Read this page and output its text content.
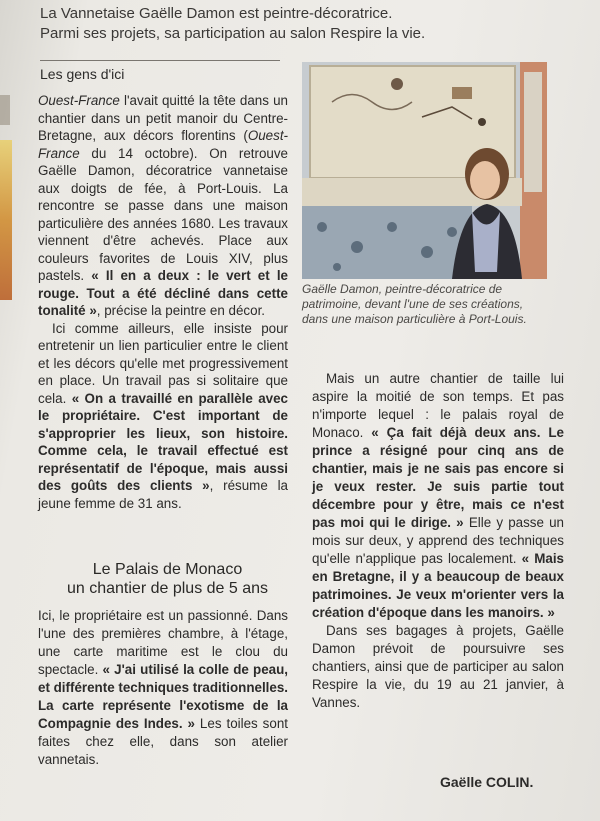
La Vannetaise Gaëlle Damon est peintre-décoratrice.
Parmi ses projets, sa participation au salon Respire la vie.
Les gens d'ici

Ouest-France l'avait quitté la tête dans un chantier dans un petit manoir du Centre-Bretagne, aux décors florentins (Ouest-France du 14 octobre). On retrouve Gaëlle Damon, décoratrice vannetaise aux doigts de fée, à Port-Louis. La rencontre se passe dans une maison particulière des années 1680. Les travaux viennent d'être achevés. Place aux couleurs favorites de Louis XIV, plus pastels. « Il en a deux : le vert et le rouge. Tout a été décliné dans cette tonalité », précise la peintre en décor.

Ici comme ailleurs, elle insiste pour entretenir un lien particulier entre le client et les décors qu'elle met progressivement en place. Un travail pas si solitaire que cela. « On a travaillé en parallèle avec le propriétaire. C'est important de s'approprier les lieux, son histoire. Comme cela, le travail effectué est représentatif de l'époque, mais aussi des goûts des clients », résume la jeune femme de 31 ans.

Gaëlle Damon, peintre-décoratrice de patrimoine, devant l'une de ses créations, dans une maison particulière à Port-Louis.

Mais un autre chantier de taille lui aspire la moitié de son temps. Et pas n'importe lequel : le palais royal de Monaco. « Ça fait déjà deux ans. Le prince a résigné pour cinq ans de chantier, mais je ne sais pas encore si je veux rester. Je suis partie tout décembre pour y être, mais ce n'est pas moi qui le dirige. » Elle y passe un mois sur deux, y apprend des techniques qu'elle n'applique pas localement. « Mais en Bretagne, il y a beaucoup de beaux patrimoines. Je veux m'orienter vers la création d'époque dans les manoirs. »

Dans ses bagages à projets, Gaëlle Damon prévoit de poursuivre ses chantiers, ainsi que de participer au salon Respire la vie, du 19 au 21 janvier, à Vannes.

Le Palais de Monaco
un chantier de plus de 5 ans

Ici, le propriétaire est un passionné. Dans l'une des premières chambre, à l'étage, une carte maritime est le clou du spectacle. « J'ai utilisé la colle de peau, et différente techniques traditionnelles. La carte représente l'exotisme de la Compagnie des Indes. » Les toiles sont faites chez elle, dans son atelier vannetais.

Gaëlle COLIN.
